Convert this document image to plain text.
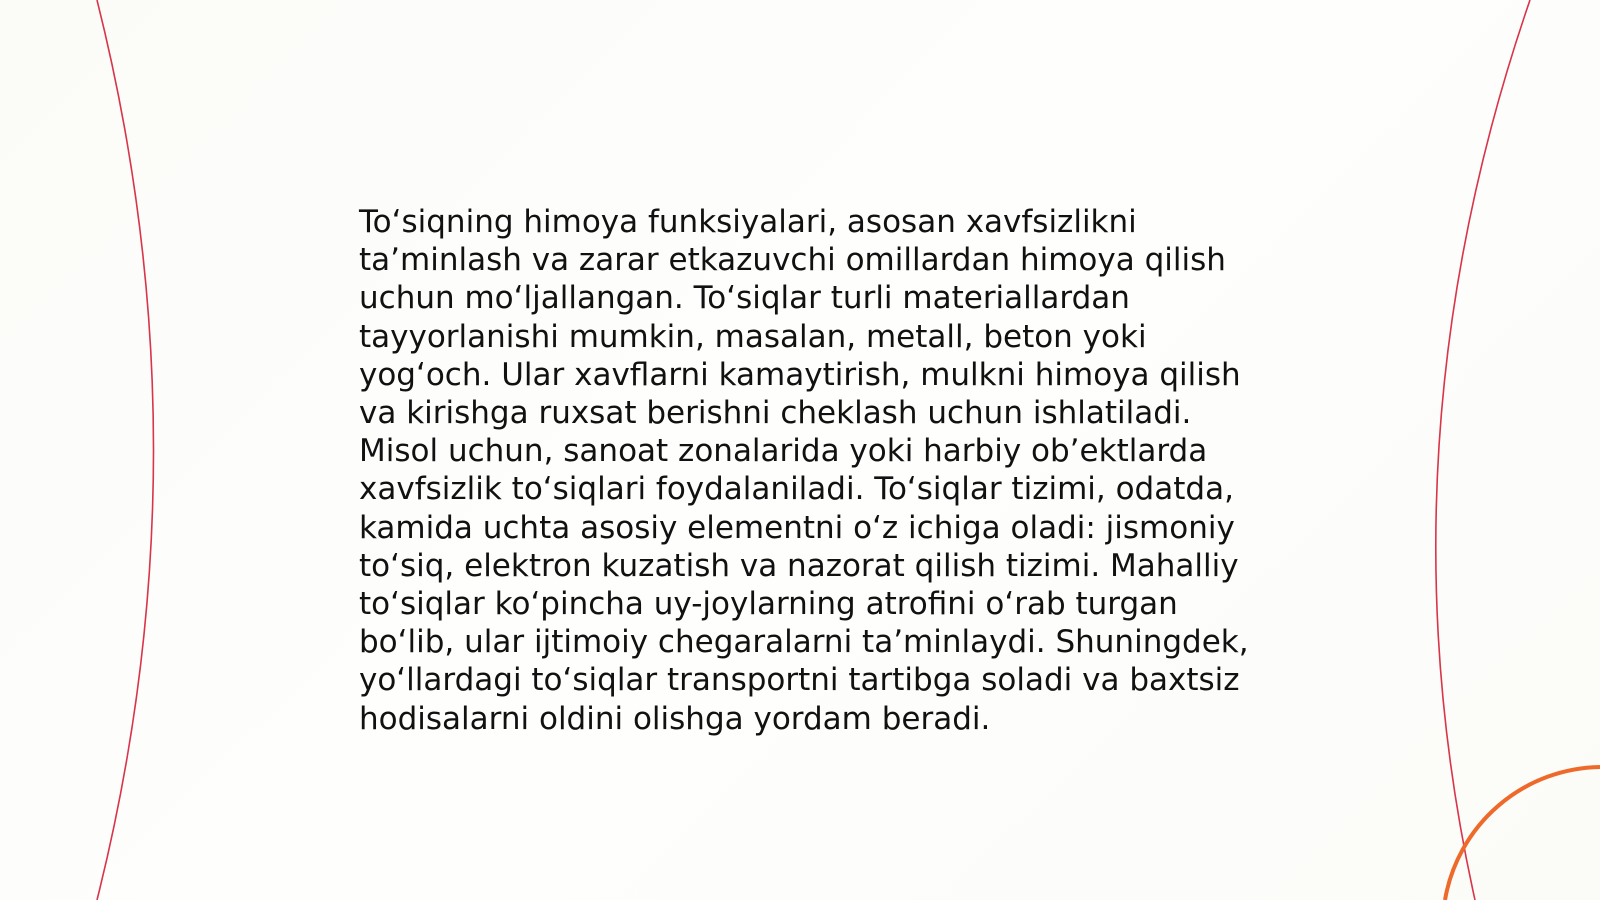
To‘siqning himoya funksiyalari, asosan xavfsizlikni
ta’minlash va zarar etkazuvchi omillardan himoya qilish
uchun mo‘ljallangan. To‘siqlar turli materiallardan
tayyorlanishi mumkin, masalan, metall, beton yoki
yog‘och. Ular xavflarni kamaytirish, mulkni himoya qilish
va kirishga ruxsat berishni cheklash uchun ishlatiladi.
Misol uchun, sanoat zonalarida yoki harbiy ob’ektlarda
xavfsizlik to‘siqlari foydalaniladi. To‘siqlar tizimi, odatda,
kamida uchta asosiy elementni o‘z ichiga oladi: jismoniy
to‘siq, elektron kuzatish va nazorat qilish tizimi. Mahalliy
to‘siqlar ko‘pincha uy-joylarning atrofini o‘rab turgan
bo‘lib, ular ijtimoiy chegaralarni ta’minlaydi. Shuningdek,
yo‘llardagi to‘siqlar transportni tartibga soladi va baxtsiz
hodisalarni oldini olishga yordam beradi.
